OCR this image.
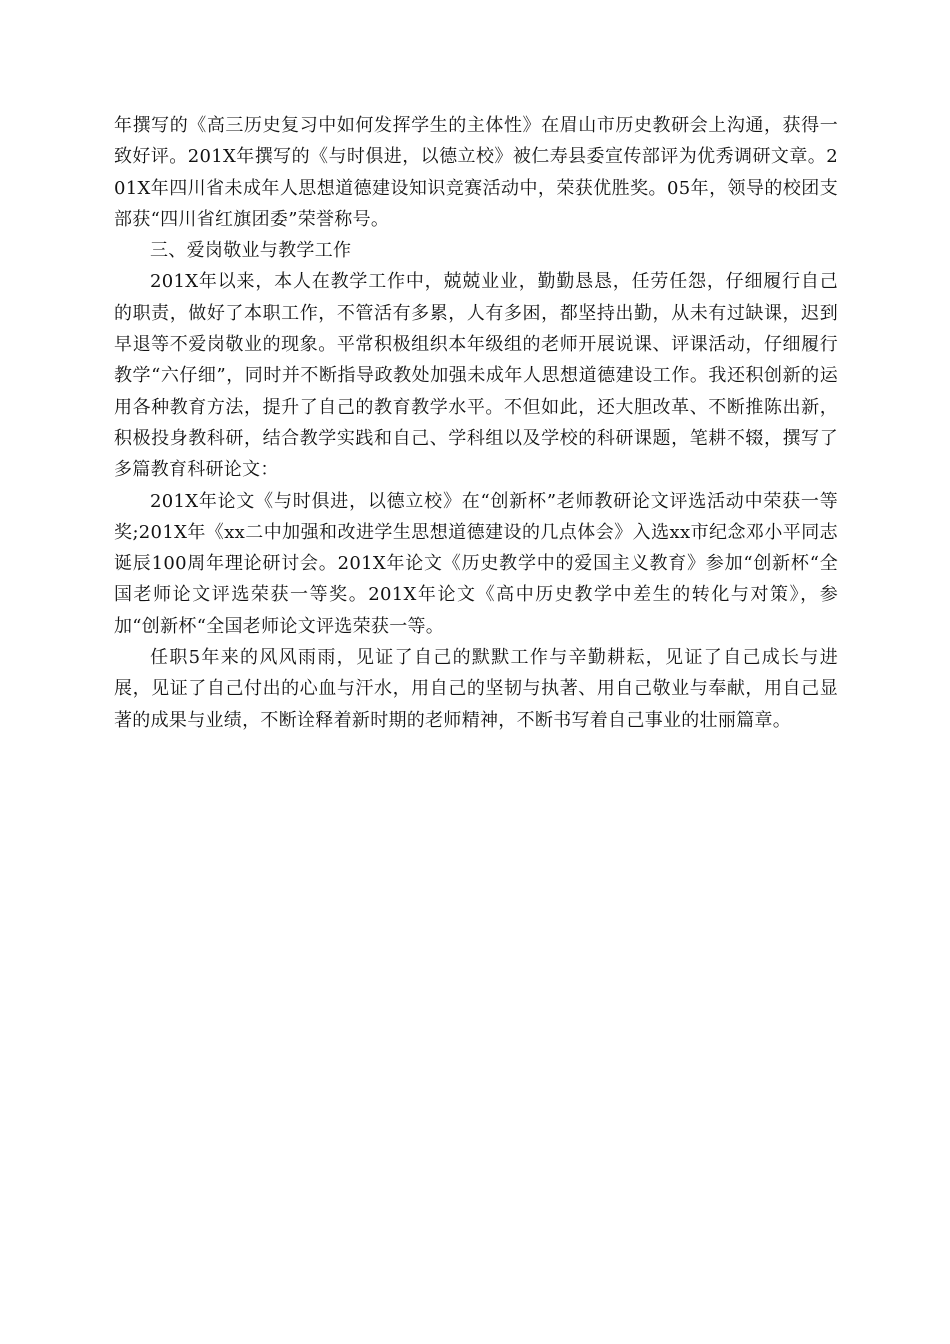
年撰写的《高三历史复习中如何发挥学生的主体性》在眉山市历史教研会上沟通，获得一致好评。201X年撰写的《与时俱进，以德立校》被仁寿县委宣传部评为优秀调研文章。201X年四川省未成年人思想道德建设知识竞赛活动中，荣获优胜奖。05年，领导的校团支部获“四川省红旗团委”荣誉称号。

三、爱岗敬业与教学工作

201X年以来，本人在教学工作中，兢兢业业，勤勤恳恳，任劳任怨，仔细履行自己的职责，做好了本职工作，不管活有多累，人有多困，都坚持出勤，从未有过缺课，迟到早退等不爱岗敬业的现象。平常积极组织本年级组的老师开展说课、评课活动，仔细履行教学“六仔细”，同时并不断指导政教处加强未成年人思想道德建设工作。我还积创新的运用各种教育方法，提升了自己的教育教学水平。不但如此，还大胆改革、不断推陈出新，积极投身教科研，结合教学实践和自己、学科组以及学校的科研课题，笔耕不辍，撰写了多篇教育科研论文：

201X年论文《与时俱进，以德立校》在“创新杯”老师教研论文评选活动中荣获一等奖;201X年《xx二中加强和改进学生思想道德建设的几点体会》入选xx市纪念邓小平同志诞辰100周年理论研讨会。201X年论文《历史教学中的爱国主义教育》参加“创新杯“全国老师论文评选荣获一等奖。201X年论文《高中历史教学中差生的转化与对策》，参加“创新杯“全国老师论文评选荣获一等。

任职5年来的风风雨雨，见证了自己的默默工作与辛勤耕耘，见证了自己成长与进展，见证了自己付出的心血与汗水，用自己的坚韧与执著、用自己敬业与奉献，用自己显著的成果与业绩，不断诠释着新时期的老师精神，不断书写着自己事业的壮丽篇章。
